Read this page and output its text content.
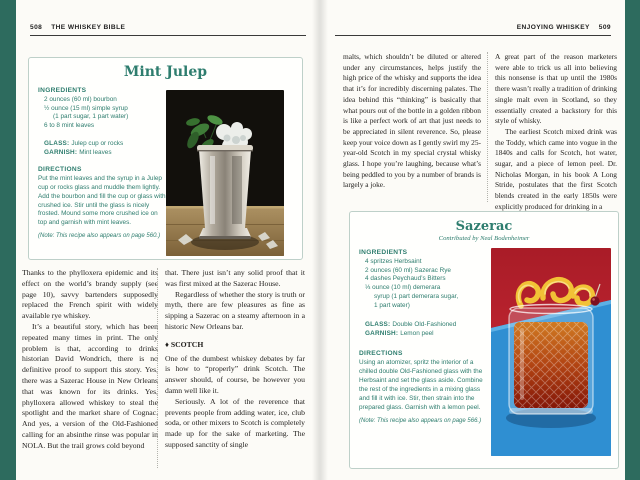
508 THE WHISKEY BIBLE
Mint Julep
INGREDIENTS
2 ounces (60 ml) bourbon
½ ounce (15 ml) simple syrup
(1 part sugar, 1 part water)
6 to 8 mint leaves
GLASS: Julep cup or rocks
GARNISH: Mint leaves
DIRECTIONS
Put the mint leaves and the syrup in a Julep cup or rocks glass and muddle them lightly. Add the bourbon and fill the cup or glass with crushed ice. Stir until the glass is nicely frosted. Mound some more crushed ice on top and garnish with mint leaves.
(Note: This recipe also appears on page 560.)

Thanks to the phylloxera epidemic and its effect on the world’s brandy supply (see page 10), savvy bartenders supposedly replaced the French spirit with widely available rye whiskey.

It’s a beautiful story, which has been repeated many times in print. The only problem is that, according to drinks historian David Wondrich, there is no definitive proof to support this story. Yes, there was a Sazerac House in New Orleans that was known for its drinks. Yes, phylloxera allowed whiskey to steal the spotlight and the market share of Cognac. And yes, a version of the Old-Fashioned calling for an absinthe rinse was popular in NOLA. But the trail grows cold beyond

that. There just isn’t any solid proof that it was first mixed at the Sazerac House.

Regardless of whether the story is truth or myth, there are few pleasures as fine as sipping a Sazerac on a steamy afternoon in a historic New Orleans bar.

♦ SCOTCH

One of the dumbest whiskey debates by far is how to “properly” drink Scotch. The answer should, of course, be however you damn well like it.

Seriously. A lot of the reverence that prevents people from adding water, ice, club soda, or other mixers to Scotch is completely made up for the sake of marketing. The supposed sanctity of single

ENJOYING WHISKEY 509

malts, which shouldn’t be diluted or altered under any circumstances, helps justify the high price of the whisky and supports the idea that it’s for incredibly discerning palates. The idea behind this “thinking” is basically that what pours out of the bottle in a golden ribbon is like a perfect work of art that just needs to be appreciated in silent reverence. So, please keep your voice down as I gently swirl my 25-year-old Scotch in my special crystal whisky glass. I hope you’re laughing, because what’s being peddled to you by a number of brands is largely a joke.

A great part of the reason marketers were able to trick us all into believing this nonsense is that up until the 1980s there wasn’t really a tradition of drinking single malt even in Scotland, so they essentially created a backstory for this style of whisky.

The earliest Scotch mixed drink was the Toddy, which came into vogue in the 1840s and calls for Scotch, hot water, sugar, and a piece of lemon peel. Dr. Nicholas Morgan, in his book A Long Stride, postulates that the first Scotch blends created in the early 1850s were explicitly produced for drinking in a

Sazerac
Contributed by Neal Bodenheimer
INGREDIENTS
4 spritzes Herbsaint
2 ounces (60 ml) Sazerac Rye
4 dashes Peychaud’s Bitters
⅓ ounce (10 ml) demerara
syrup (1 part demerara sugar,
1 part water)
GLASS: Double Old-Fashioned
GARNISH: Lemon peel
DIRECTIONS
Using an atomizer, spritz the interior of a chilled double Old-Fashioned glass with the Herbsaint and set the glass aside. Combine the rest of the ingredients in a mixing glass and fill it with ice. Stir, then strain into the prepared glass. Garnish with a lemon peel.
(Note: This recipe also appears on page 566.)
